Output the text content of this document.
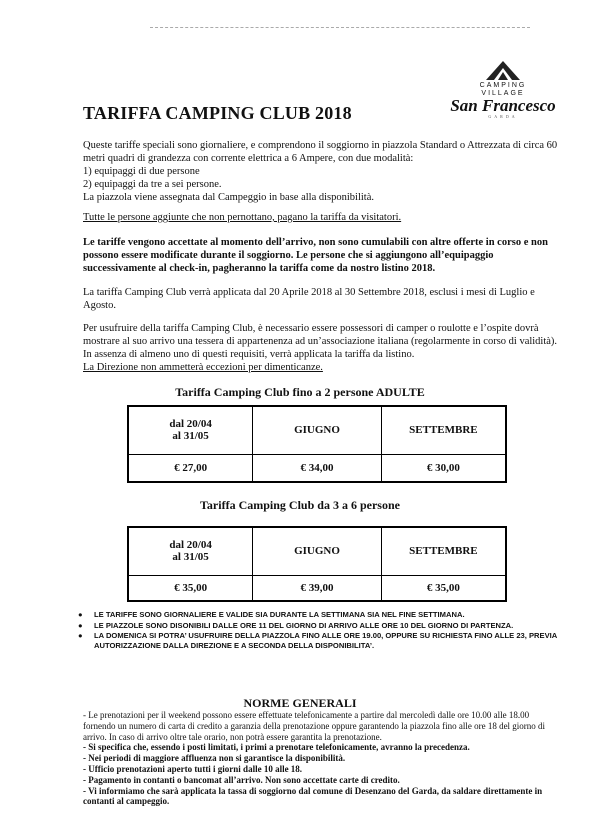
TARIFFA CAMPING CLUB 2018
CAMPING
VILLAGE
San Francesco
GARDA

Queste tariffe speciali sono giornaliere, e comprendono il soggiorno in piazzola Standard o Attrezzata di circa 60 metri quadri di grandezza con corrente elettrica a 6 Ampere, con due modalità:

1) equipaggi di due persone

2) equipaggi da tre a sei persone.

La piazzola viene assegnata dal Campeggio in base alla disponibilità.

Tutte le persone aggiunte che non pernottano, pagano la tariffa da visitatori.
Le tariffe vengono accettate al momento dell’arrivo, non sono cumulabili con altre offerte in corso e non possono essere modificate durante il soggiorno. Le persone che si aggiungono all’equipaggio successivamente al check-in, pagheranno la tariffa come da nostro listino 2018.
La tariffa Camping Club verrà applicata dal 20 Aprile 2018 al 30 Settembre 2018, esclusi i mesi di Luglio e Agosto.

Per usufruire della tariffa Camping Club, è necessario essere possessori di camper o roulotte e l’ospite dovrà mostrare al suo arrivo una tessera di appartenenza ad un’associazione italiana (regolarmente in corso di validità). In assenza di almeno uno di questi requisiti, verrà applicata la tariffa da listino.

La Direzione non ammetterà eccezioni per dimenticanze.

Tariffa Camping Club fino a 2 persone ADULTE
dal 20/04
al 31/05	GIUGNO	SETTEMBRE
€ 27,00	€ 34,00	€ 30,00
Tariffa Camping Club da 3 a 6 persone
dal 20/04
al 31/05	GIUGNO	SETTEMBRE
€ 35,00	€ 39,00	€ 35,00
● LE TARIFFE SONO GIORNALIERE E VALIDE SIA DURANTE LA SETTIMANA SIA NEL FINE SETTIMANA.
● LE PIAZZOLE SONO DISONIBILI DALLE ORE 11 DEL GIORNO DI ARRIVO ALLE ORE 10 DEL GIORNO DI PARTENZA.
● LA DOMENICA SI POTRA’ USUFRUIRE DELLA PIAZZOLA FINO ALLE ORE 19.00, OPPURE SU RICHIESTA FINO ALLE 23, PREVIA AUTORIZZAZIONE DALLA DIREZIONE E A SECONDA DELLA DISPONIBILITA’.
NORME GENERALI

- Le prenotazioni per il weekend possono essere effettuate telefonicamente a partire dal mercoledì dalle ore 10.00 alle 18.00 fornendo un numero di carta di credito a garanzia della prenotazione oppure garantendo la piazzola fino alle ore 18 del giorno di arrivo. In caso di arrivo oltre tale orario, non potrà essere garantita la prenotazione.

- Si specifica che, essendo i posti limitati, i primi a prenotare telefonicamente, avranno la precedenza.

- Nei periodi di maggiore affluenza non si garantisce la disponibilità.

- Ufficio prenotazioni aperto tutti i giorni dalle 10 alle 18.

- Pagamento in contanti o bancomat all’arrivo. Non sono accettate carte di credito.

- Vi informiamo che sarà applicata la tassa di soggiorno dal comune di Desenzano del Garda, da saldare direttamente in contanti al campeggio.
